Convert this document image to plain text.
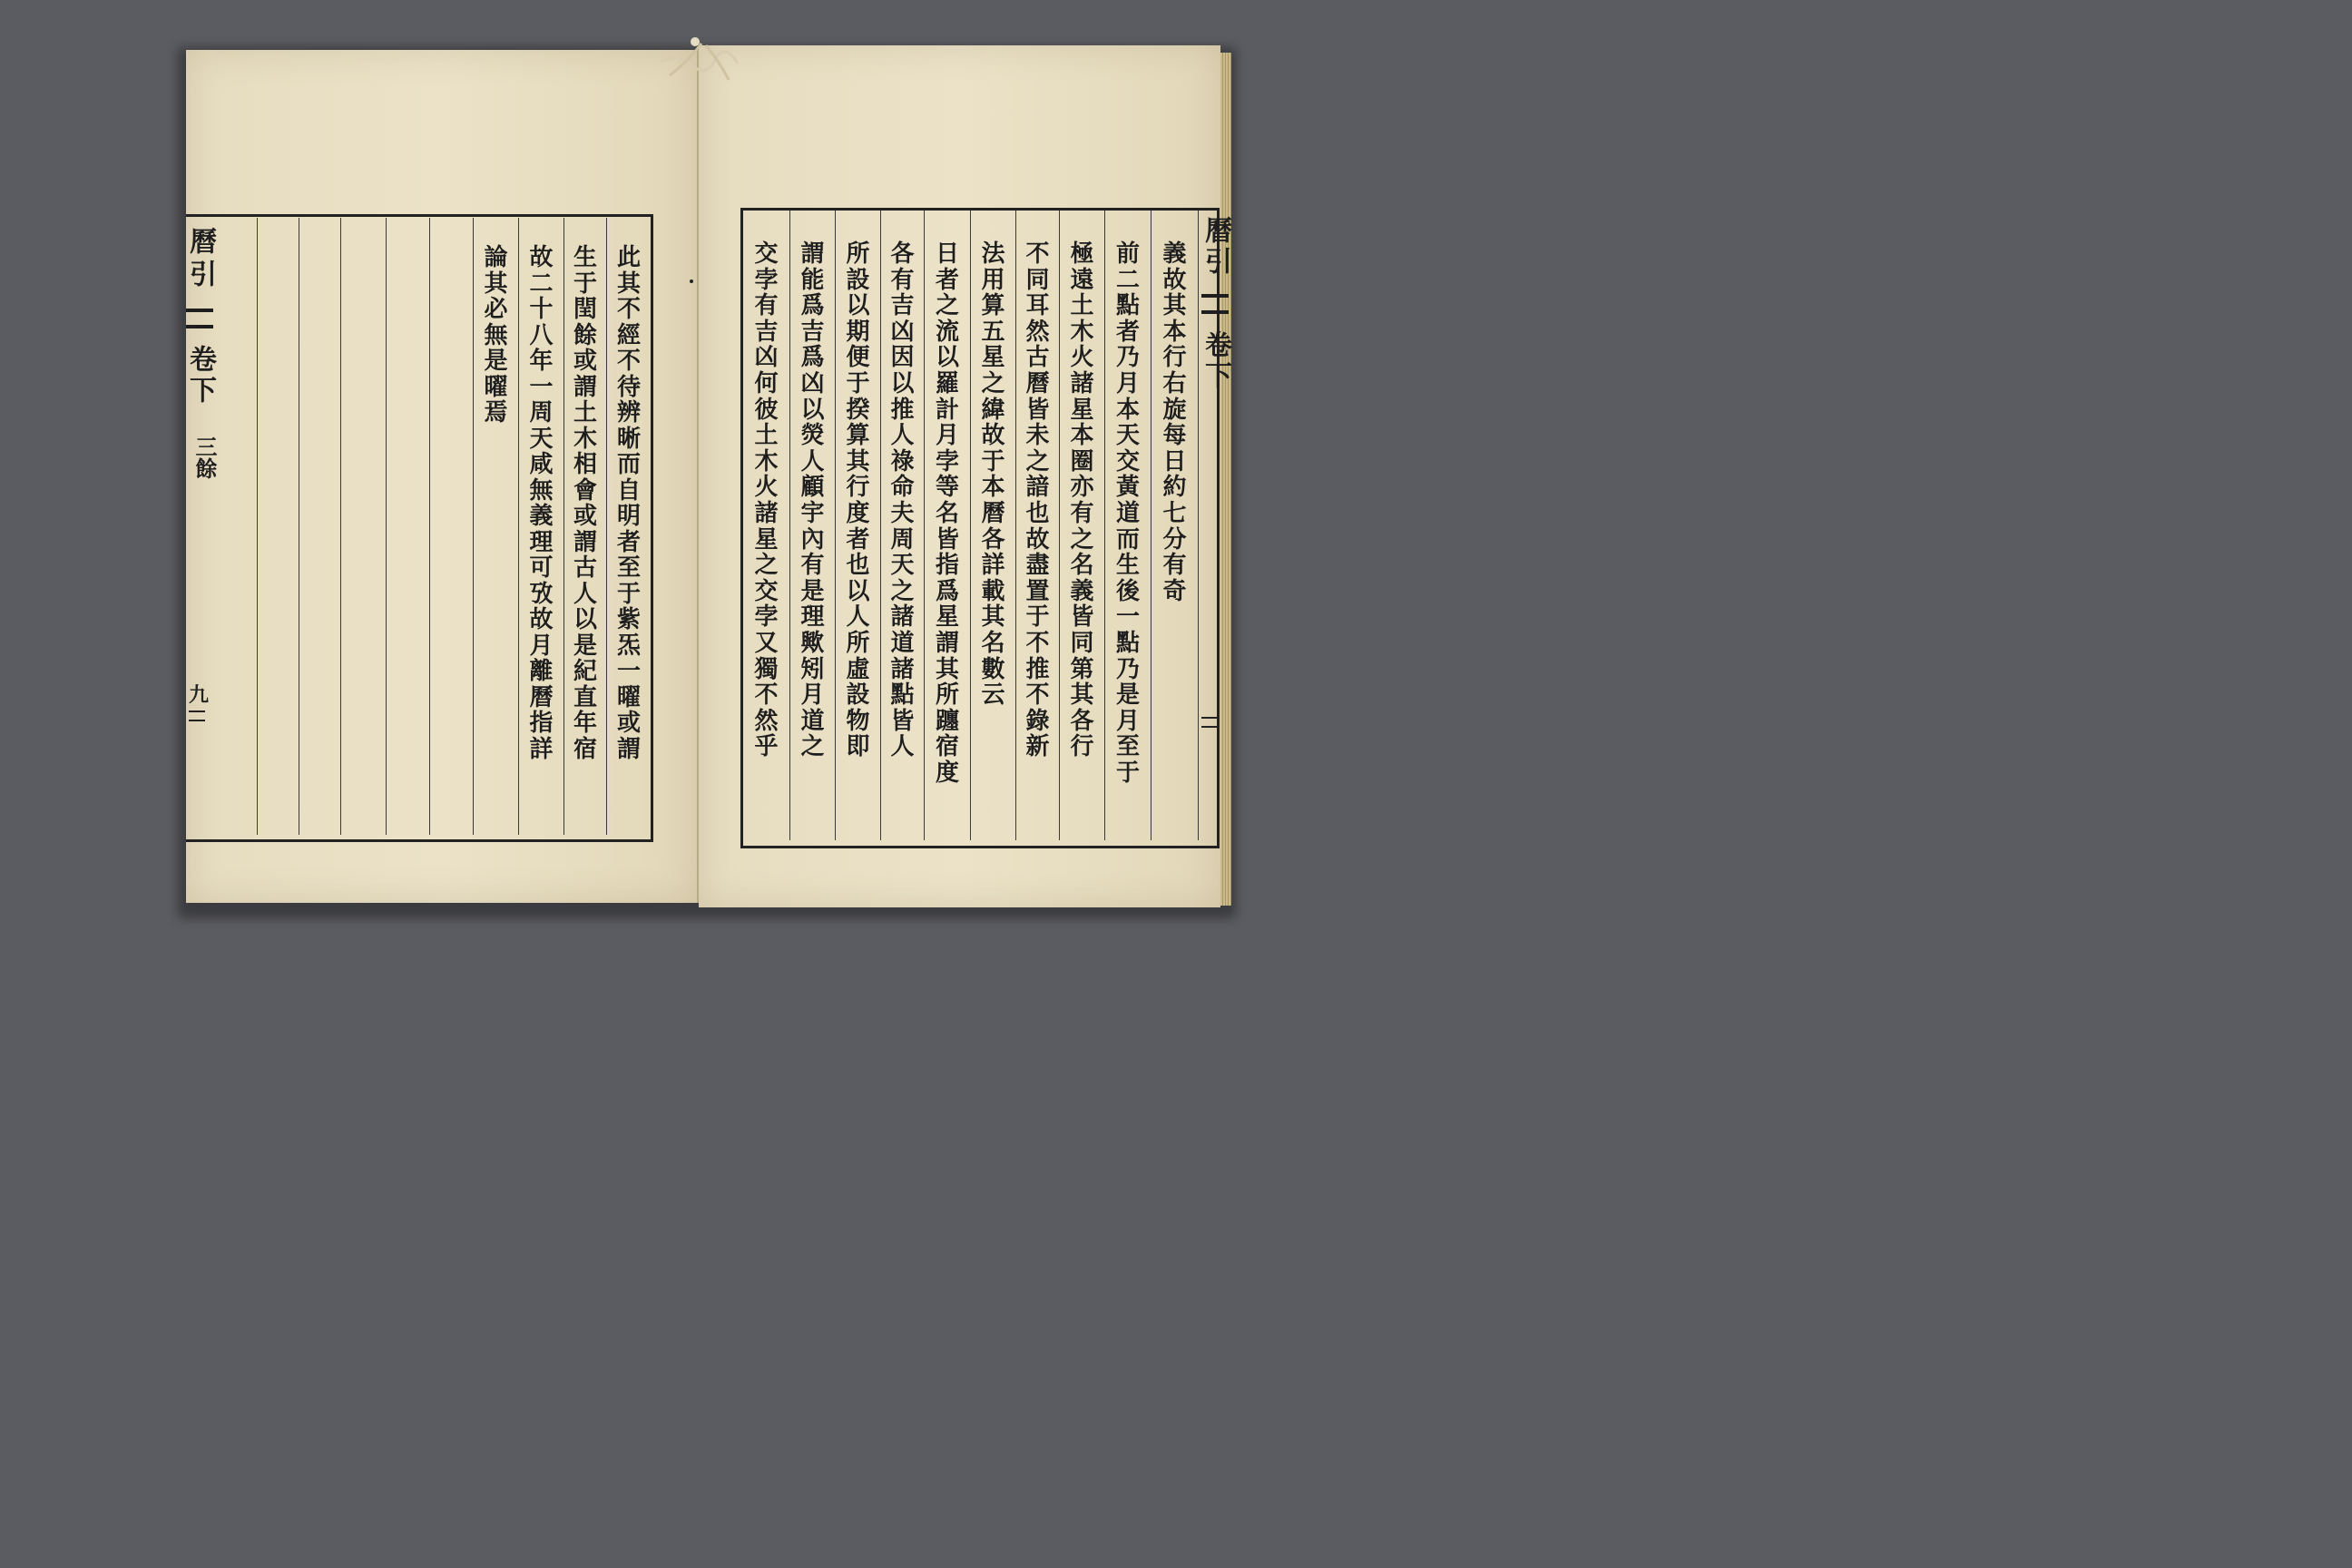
曆引
卷下
三餘
九
論
其
必
無
是
曜
焉
故
二
十
八
年
一
周
天
咸
無
義
理
可
攷
故
月
離
曆
指
詳
生
于
閏
餘
或
謂
土
木
相
會
或
謂
古
人
以
是
紀
直
年
宿
此
其
不
經
不
待
辨
晰
而
自
明
者
至
于
紫
炁
一
曜
或
謂
交
孛
有
吉
凶
何
彼
土
木
火
諸
星
之
交
孛
又
獨
不
然
乎
謂
能
爲
吉
爲
凶
以
熒
人
顧
宇
內
有
是
理
歟
矧
月
道
之
所
設
以
期
便
于
揆
算
其
行
度
者
也
以
人
所
虛
設
物
即
各
有
吉
凶
因
以
推
人
祿
命
夫
周
天
之
諸
道
諸
點
皆
人
日
者
之
流
以
羅
計
月
孛
等
名
皆
指
爲
星
謂
其
所
躔
宿
度
法
用
算
五
星
之
緯
故
于
本
曆
各
詳
載
其
名
數
云
不
同
耳
然
古
曆
皆
未
之
諳
也
故
盡
置
于
不
推
不
錄
新
極
遠
土
木
火
諸
星
本
圈
亦
有
之
名
義
皆
同
第
其
各
行
前
二
點
者
乃
月
本
天
交
黃
道
而
生
後
一
點
乃
是
月
至
于
義
故
其
本
行
右
旋
每
日
約
七
分
有
奇
曆引
卷下
